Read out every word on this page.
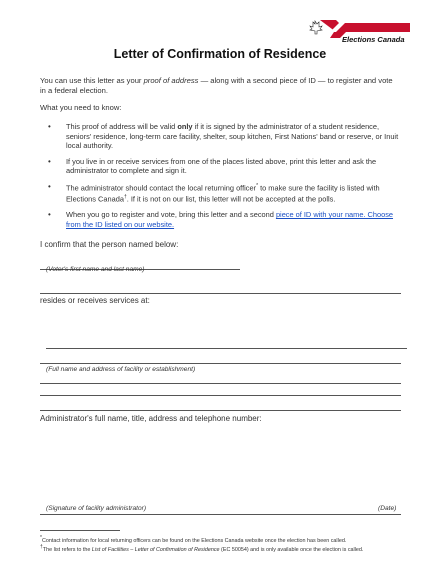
Elections Canada
Letter of Confirmation of Residence
You can use this letter as your proof of address — along with a second piece of ID — to register and vote in a federal election.
What you need to know:
• This proof of address will be valid only if it is signed by the administrator of a student residence, seniors' residence, long-term care facility, shelter, soup kitchen, First Nations' band or reserve, or Inuit local authority.
• If you live in or receive services from one of the places listed above, print this letter and ask the administrator to complete and sign it.
• The administrator should contact the local returning officer* to make sure the facility is listed with Elections Canada†. If it is not on our list, this letter will not be accepted at the polls.
• When you go to register and vote, bring this letter and a second piece of ID with your name. Choose from the ID listed on our website.
I confirm that the person named below:
(Voter's first name and last name)
resides or receives services at:
(Full name and address of facility or establishment)
Administrator's full name, title, address and telephone number:
(Signature of facility administrator)	(Date)
*Contact information for local returning officers can be found on the Elections Canada website once the election has been called.
†The list refers to the List of Facilities – Letter of Confirmation of Residence (EC 50054) and is only available once the election is called.
